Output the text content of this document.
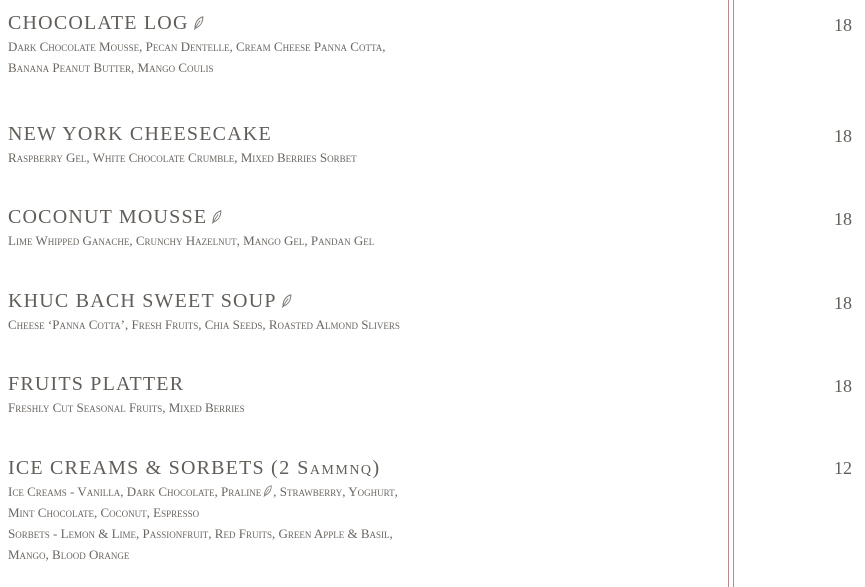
CHOCOLATE LOG
Dark Chocolate Mousse, Pecan Dentelle, Cream Cheese Panna Cotta,
Banana Peanut Butter, Mango Coulis
18
NEW YORK CHEESECAKE
Raspberry Gel, White Chocolate Crumble, Mixed Berries Sorbet
18
COCONUT MOUSSE
Lime Whipped Ganache, Crunchy Hazelnut, Mango Gel, Pandan Gel
18
KHUC BACH SWEET SOUP
Cheese ‘Panna Cotta’, Fresh Fruits, Chia Seeds, Roasted Almond Slivers
18
FRUITS PLATTER
Freshly Cut Seasonal Fruits, Mixed Berries
18
ICE CREAMS & SORBETS (2 Sammnq)
Ice Creams - Vanilla, Dark Chocolate, Praline , Strawberry, Yoghurt,
Mint Chocolate, Coconut, Espresso
Sorbets - Lemon & Lime, Passionfruit, Red Fruits, Green Apple & Basil,
Mango, Blood Orange
12
